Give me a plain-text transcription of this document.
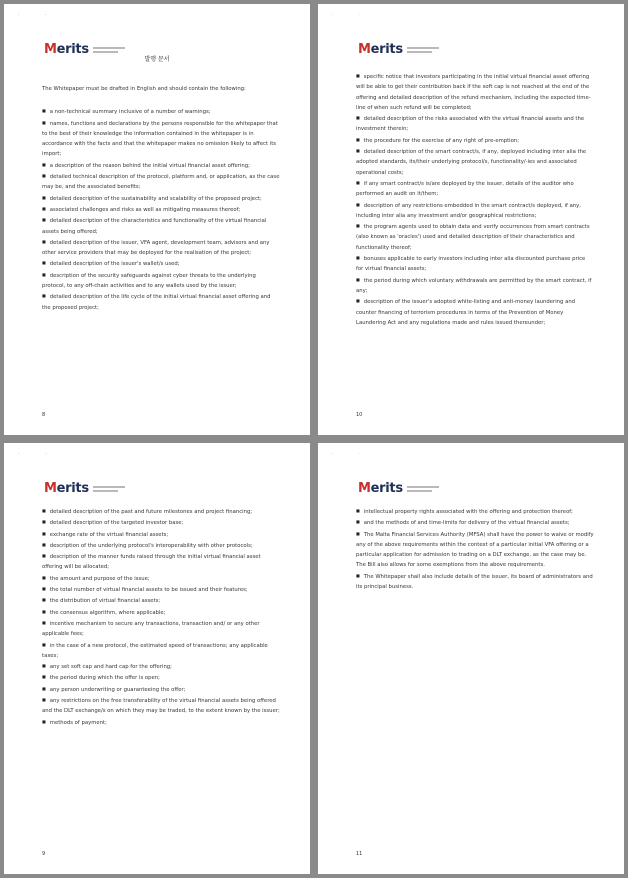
· ·
Merits
발행 문서

The Whitepaper must be drafted in English and should contain the following:

■ a non-technical summary inclusive of a number of warnings;

■ names, functions and declarations by the persons responsible for the whitepaper that to the best of their knowledge the information contained in the whitepaper is in accordance with the facts and that the whitepaper makes no omission likely to affect its import;

■ a description of the reason behind the initial virtual financial asset offering;

■ detailed technical description of the protocol, platform and, or application, as the case may be, and the associated benefits;

■ detailed description of the sustainability and scalability of the proposed project;

■ associated challenges and risks as well as mitigating measures thereof;

■ detailed description of the characteristics and functionality of the virtual financial assets being offered;

■ detailed description of the issuer, VFA agent, development team, advisors and any other service providers that may be deployed for the realisation of the project;

■ detailed description of the issuer's wallet/s used;

■ description of the security safeguards against cyber threats to the underlying protocol, to any off-chain activities and to any wallets used by the issuer;

■ detailed description of the life cycle of the initial virtual financial asset offering and the proposed project;

8
· ·
Merits

■ specific notice that investors participating in the initial virtual financial asset offering will be able to get their contribution back if the soft cap is not reached at the end of the offering and detailed description of the refund mechanism, including the expected time-line of when such refund will be completed;

■ detailed description of the risks associated with the virtual financial assets and the investment therein;

■ the procedure for the exercise of any right of pre-emption;

■ detailed description of the smart contract/s, if any, deployed including inter alia the adopted standards, its/their underlying protocol/s, functionality/-ies and associated operational costs;

■ if any smart contract/s is/are deployed by the issuer, details of the auditor who performed an audit on it/them;

■ description of any restrictions embedded in the smart contract/s deployed, if any, including inter alia any investment and/or geographical restrictions;

■ the program agents used to obtain data and verify occurrences from smart contracts (also known as 'oracles') used and detailed description of their characteristics and functionality thereof;

■ bonuses applicable to early investors including inter alia discounted purchase price for virtual financial assets;

■ the period during which voluntary withdrawals are permitted by the smart contract, if any;

■ description of the issuer's adopted white-listing and anti-money laundering and counter financing of terrorism procedures in terms of the Prevention of Money Laundering Act and any regulations made and rules issued thereunder;

10
· ·
Merits

■ detailed description of the past and future milestones and project financing;

■ detailed description of the targeted investor base;

■ exchange rate of the virtual financial assets;

■ description of the underlying protocol's interoperability with other protocols;

■ description of the manner funds raised through the initial virtual financial asset offering will be allocated;

■ the amount and purpose of the issue;

■ the total number of virtual financial assets to be issued and their features;

■ the distribution of virtual financial assets;

■ the consensus algorithm, where applicable;

■ incentive mechanism to secure any transactions, transaction and/ or any other applicable fees;

■ in the case of a new protocol, the estimated speed of transactions; any applicable taxes;

■ any set soft cap and hard cap for the offering;

■ the period during which the offer is open;

■ any person underwriting or guaranteeing the offer;

■ any restrictions on the free transferability of the virtual financial assets being offered and the DLT exchange/s on which they may be traded, to the extent known by the issuer;

■ methods of payment;

9
· ·
Merits

■ intellectual property rights associated with the offering and protection thereof;

■ and the methods of and time-limits for delivery of the virtual financial assets;

■ The Malta Financial Services Authority (MFSA) shall have the power to waive or modify any of the above requirements within the context of a particular initial VFA offering or a particular application for admission to trading on a DLT exchange, as the case may be. The Bill also allows for some exemptions from the above requirements.

■ The Whitepaper shall also include details of the issuer, its board of administrators and its principal business.

11
